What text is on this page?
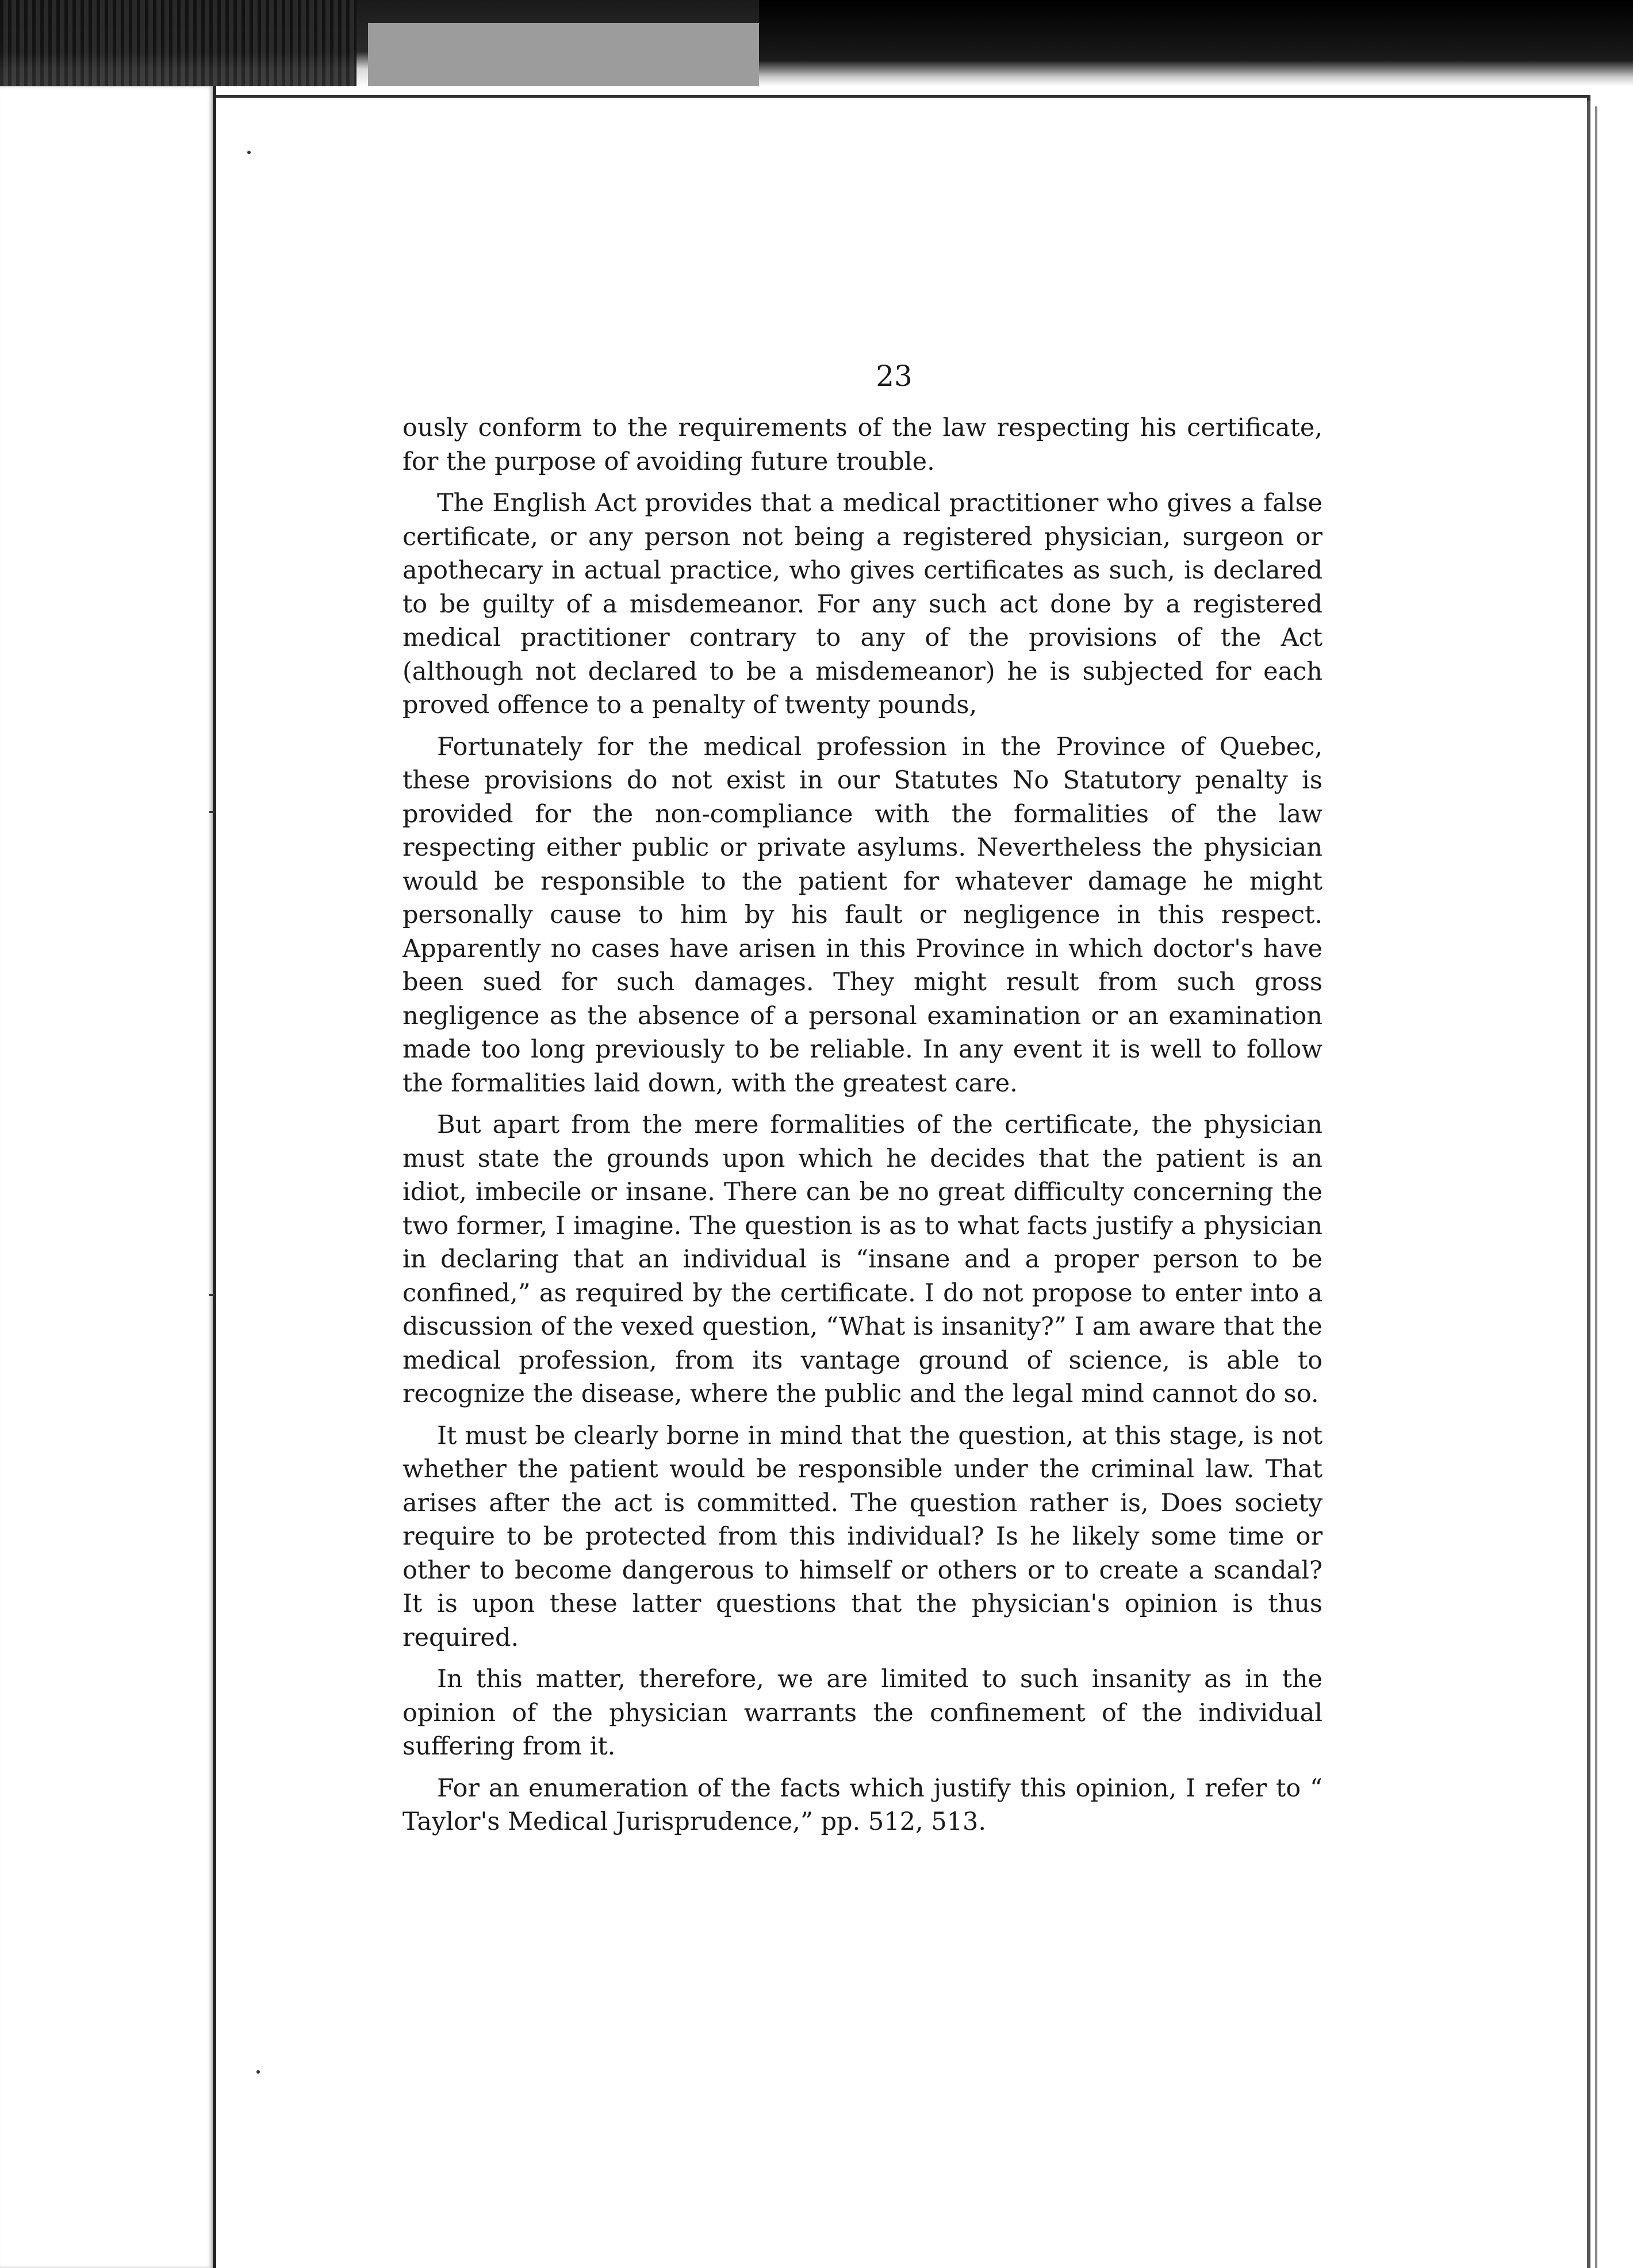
23

ously conform to the requirements of the law respecting his certificate, for the purpose of avoiding future trouble.

The English Act provides that a medical practitioner who gives a false certificate, or any person not being a registered physician, surgeon or apothecary in actual practice, who gives certificates as such, is declared to be guilty of a misdemeanor. For any such act done by a registered medical practitioner contrary to any of the provisions of the Act (although not declared to be a misdemeanor) he is subjected for each proved offence to a penalty of twenty pounds,

Fortunately for the medical profession in the Province of Quebec, these provisions do not exist in our Statutes No Statutory penalty is provided for the non-compliance with the formalities of the law respecting either public or private asylums. Nevertheless the physician would be responsible to the patient for whatever damage he might personally cause to him by his fault or negligence in this respect. Apparently no cases have arisen in this Province in which doctor's have been sued for such damages. They might result from such gross negligence as the absence of a personal examination or an examination made too long previously to be reliable. In any event it is well to follow the formalities laid down, with the greatest care.

But apart from the mere formalities of the certificate, the physician must state the grounds upon which he decides that the patient is an idiot, imbecile or insane. There can be no great difficulty concerning the two former, I imagine. The question is as to what facts justify a physician in declaring that an individual is “insane and a proper person to be confined,” as required by the certificate. I do not propose to enter into a discussion of the vexed question, “What is insanity?” I am aware that the medical profession, from its vantage ground of science, is able to recognize the disease, where the public and the legal mind cannot do so.

It must be clearly borne in mind that the question, at this stage, is not whether the patient would be responsible under the criminal law. That arises after the act is committed. The question rather is, Does society require to be protected from this individual? Is he likely some time or other to become dangerous to himself or others or to create a scandal? It is upon these latter questions that the physician's opinion is thus required.

In this matter, therefore, we are limited to such insanity as in the opinion of the physician warrants the confinement of the individual suffering from it.

For an enumeration of the facts which justify this opinion, I refer to “ Taylor's Medical Jurisprudence,” pp. 512, 513.
